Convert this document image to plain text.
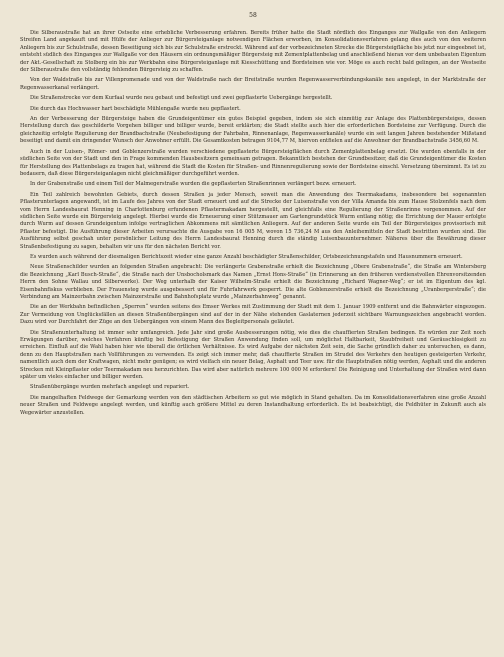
58

Die Silberaustraße hat an ihrer Ostseite eine erhebliche Verbesserung erfahren. Bereits früher hatte die Stadt nördlich des Einganges zur Wallgaße von den Anliegern Streifen Land angekauft und mit Hülfe der Anlieger zur Bürgersteiganlage notwendigen Flächen erworben, im Konsolidationsverfahren gelang dies auch von den weiteren Anliegern bis zur Schulstraße, dessen Beseitigung sich bis zur Schulstraße erstreckt. Während auf der vorbezeichneten Strecke die Bürgersteigfläche bis jetzt nur eingeebnet ist, entsteht südlich des Einganges zur Wallgaße vor den Häusern ein ordnungsmäßiger Bürgersteig mit Zementplattenbelag und anschließend hieran vor dem unbebauten Eigentum der Akt.-Gesellschaft zu Stolberg ein bis zur Werkbahn eine Bürgersteiganlage mit Kiesschüttung und Bordsteinen wie vor. Möge es auch recht bald gelingen, an der Westseite der Silberaustraße den vollständig fehlenden Bürgersteig zu schaffen.

Von der Waldstraße bis zur Villenpromenade und von der Waldstraße nach der Breitstraße wurden Regenwasserverbindungskanäle neu angelegt, in der Marktstraße der Regenwasserkanal verlängert.

Die Straßenstrecke vor dem Kurfaal wurde neu gebaut und befestigt und zwei gepflasterte Uebergänge hergestellt.

Die durch das Hochwasser hart beschädigte Mühlengaße wurde neu gepflastert.

An der Verbesserung der Bürgersteige haben die Grundeigentümer ein gutes Beispiel gegeben, indem sie sich einmütig zur Anlage des Plattenbürgersteiges, dessen Herstellung durch das geschilderte Vorgehen billiger und billiger wurde, bereit erklärten; die Stadt stellte auch hier die erforderlichen Bordsteine zur Verfügung. Durch die gleichzeitig erfolgte Regulierung der Brandbachstraße (Neubefestigung der Fahrbahn, Rinnenanlage, Regenwasserkanäle) wurde ein seit langen Jahren bestehender Mißstand beseitigt und damit ein dringender Wunsch der Anwohner erfüllt. Die Gesamtkosten betragen 9104,77 M, hiervon entfielen auf die Anwohner der Brandbachstraße 3456,60 M.

Auch in der Luisen-, Römer- und Goblenzerstraße wurden verschiedene gepflasterte Bürgersteigflächen durch Zementplattenbelag ersetzt. Die wurden ebenfalls in der südlichen Seite von der Stadt und den in Frage kommenden Hausbesitzern gemeinsam getragen. Bekanntlich bestehen der Grundbesitzer, daß die Grundeigentümer die Kosten für Herstellung des Plattenbelags zu tragen hat, während die Stadt die Kosten für Straßen- und Rinnenregulierung sowie der Bordsteine einschl. Versetzung übernimmt. Es ist zu bedauern, daß diese Bürgersteiganlagen nicht gleichmäßiger durchgeführt werden.

In der Grabenstraße und einem Teil der Malmegerstraße wurden die gepflasterten Straßenrinnen verlängert bezw. erneuert.

Ein Teil zahlreich bewohnten Gebiets, durch dessen Straßen ja jeder Mensch, soweit man die Anwendung des Teermakadams, insbesondere bei sogenannten Pflasterunterlagen angewandt, ist im Laufe des Jahres von der Stadt erneuert und auf die Strecke der Luisenstraße von der Villa Amanda bis zum Hause Stolzenfels nach dem vom Herrn Landesbaurat Henning in Charlottenburg erfundenen Pflastermakadam hergestellt, und gleichfalls eine Regulierung der Straßenrinne vorgenommen. Auf der südlichen Seite wurde ein Bürgersteig angelegt. Hierbei wurde die Erneuerung einer Stützmauer am Gartengrundstück Wurm entlang nötig; die Errichtung der Mauer erfolgte durch Wurm auf dessen Grundeigentum infolge vertraglichen Abkommens mit sämtlichen Anliegern. Auf der anderen Seite wurde ein Teil der Bürgersteiges provisorisch mit Pflaster befestigt. Die Ausführung dieser Arbeiten verursachte die Ausgabe von 16 005 M, wovon 15 736,24 M aus den Anleihemitteln der Stadt bestritten wurden sind. Die Ausführung selbst geschah unter persönlicher Leitung des Herrn Landesbaurat Henning durch die ständig Luisenbauunternehmer. Näheres über die Bewährung dieser Straßenbefestigung zu sagen, behalten wir uns für den nächsten Bericht vor.

Es wurden auch während der diesmaligen Berichtszeit wieder eine ganze Anzahl beschädigter Straßenschilder, Ortsbezeichnungstafeln und Hausnummern erneuert.

Neue Straßenschilder wurden an folgenden Straßen angebracht: Die verlängerte Grabenstraße erhielt die Bezeichnung „Obere Grabenstraße“, die Straße am Wintersberg die Bezeichnung „Karl Busch-Straße“, die Straße nach der Unsbocholsmark das Namen „Ernst Hons-Straße“ (in Erinnerung an den früheren verdienstvollen Ehrenvorsitzenden Herrn den Sohne Wallau und Silberwerke). Der Weg unterhalb der Kaiser Wilhelm-Straße erhielt die Bezeichnung „Richard Wagner-Weg“; er ist im Eigentum des kgl. Eisenbahnfiskus verblieben. Der Frauensteg wurde ausgebessert und für Fuhrfahrwerk gesperrt. Die alte Goblenzerstraße erhielt die Bezeichnung „Uranbergerstraße“; die Verbindung am Mainzerbahn zwischen Mainzerstraße und Bahnhofsplatz wurde „Mainzerbahnweg“ genannt.

Die an der Werkbahn befindlichen „Sperren“ wurden seitens des Emser Werkes mit Zustimmung der Stadt mit dem 1. Januar 1909 entfernt und die Bahnwärter eingezogen. Zur Vermeidung von Unglücksfällen an diesen Straßenübergängen sind auf der in der Nähe stehenden Gaslaternen jederzeit sichtbare Warnungszeichen angebracht worden. Dazu wird vor Durchfahrt der Züge an den Uebergängen von einem Mann des Begleitpersonals geläutet.

Die Straßenunterhaltung ist immer sehr umfangreich. Jede Jahr sind große Ausbesserungen nötig, wie dies die chauffierten Straßen bedingen. Es würden zur Zeit noch Erwägungen darüber, welches Verfahren künftig bei Befestigung der Straßen Anwendung finden soll, um möglichst Haltbarkeit, Staubfreiheit und Geräuschlosigkeit zu erreichen. Einfluß auf die Wahl haben hier wie überall die örtlichen Verhältnisse. Es wird Aufgabe der nächsten Zeit sein, die Sache gründlich daher zu untersuchen, es dann, denn zu den Hauptstraßen nach Vollführungen zu verwenden. Es zeigt sich immer mehr, daß chauffierte Straßen im Strudel des Verkehrs den heutigen gesteigerten Verkehr, namentlich auch dem der Kraftwagen, nicht mehr genügen; es wird vielfach ein neuer Belag, Asphalt und Teer usw. für die Hauptstraßen nötig werden, Asphalt und die anderen Strecken mit Kleinpflaster oder Teermakadam neu herzurichten. Das wird aber natürlich mehrere 100 000 M erfordern! Die Reinigung und Unterhaltung der Straßen wird dann später um vieles einfacher und billiger werden.

Straßenübergänge wurden mehrfach angelegt und repariert.

Die mangelhaften Feldwege der Gemarkung werden von den städtischen Arbeitern so gut wie möglich in Stand gehalten. Da im Konsolidationsverfahren eine große Anzahl neuer Straßen und Feldwege angelegt werden, und künftig auch größere Mittel zu deren Instandhaltung erforderlich. Es ist beabsichtigt, die Feldhüter in Zukunft auch als Wegewärter anzustellen.
